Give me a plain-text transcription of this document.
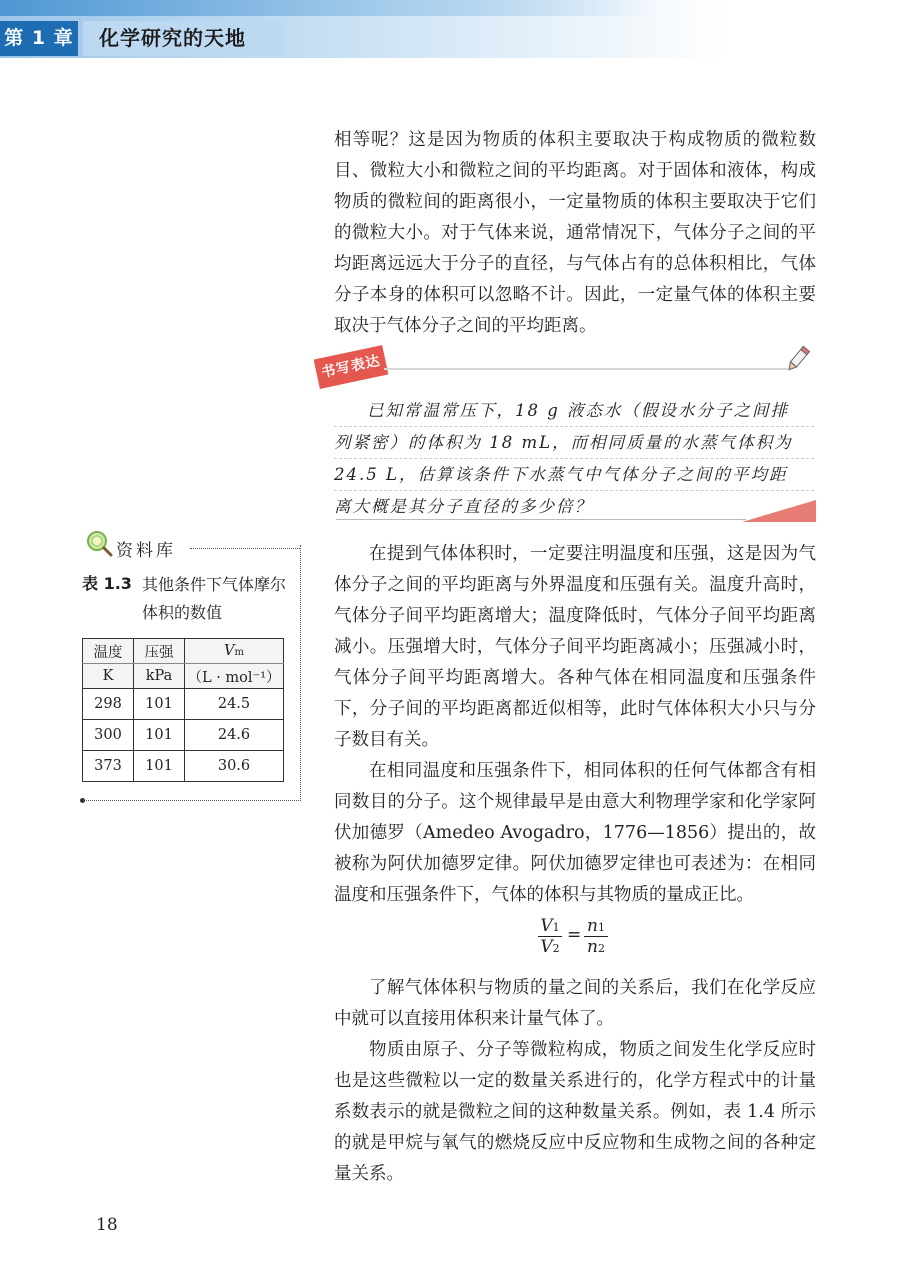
第 1 章	化学研究的天地

相等呢？这是因为物质的体积主要取决于构成物质的微粒数目、微粒大小和微粒之间的平均距离。对于固体和液体，构成物质的微粒间的距离很小，一定量物质的体积主要取决于它们的微粒大小。对于气体来说，通常情况下，气体分子之间的平均距离远远大于分子的直径，与气体占有的总体积相比，气体分子本身的体积可以忽略不计。因此，一定量气体的体积主要取决于气体分子之间的平均距离。

书写表达
已知常温常压下，18 g 液态水（假设水分子之间排
列紧密）的体积为 18 mL，而相同质量的水蒸气体积为
24.5 L，估算该条件下水蒸气中气体分子之间的平均距
离大概是其分子直径的多少倍？
资料库
表 1.3 其他条件下气体摩尔体积的数值
温度	压强	Vm
K	kPa	（L · mol⁻¹）
298	101	24.5
300	101	24.6
373	101	30.6

在提到气体体积时，一定要注明温度和压强，这是因为气体分子之间的平均距离与外界温度和压强有关。温度升高时，气体分子间平均距离增大；温度降低时，气体分子间平均距离减小。压强增大时，气体分子间平均距离减小；压强减小时，气体分子间平均距离增大。各种气体在相同温度和压强条件下，分子间的平均距离都近似相等，此时气体体积大小只与分子数目有关。

在相同温度和压强条件下，相同体积的任何气体都含有相同数目的分子。这个规律最早是由意大利物理学家和化学家阿伏加德罗（Amedeo Avogadro，1776—1856）提出的，故被称为阿伏加德罗定律。阿伏加德罗定律也可表述为：在相同温度和压强条件下，气体的体积与其物质的量成正比。

$\frac{V1}{V2} = \frac{n1}{n2}$

了解气体体积与物质的量之间的关系后，我们在化学反应中就可以直接用体积来计量气体了。

物质由原子、分子等微粒构成，物质之间发生化学反应时也是这些微粒以一定的数量关系进行的，化学方程式中的计量系数表示的就是微粒之间的这种数量关系。例如，表 1.4 所示的就是甲烷与氧气的燃烧反应中反应物和生成物之间的各种定量关系。

18
